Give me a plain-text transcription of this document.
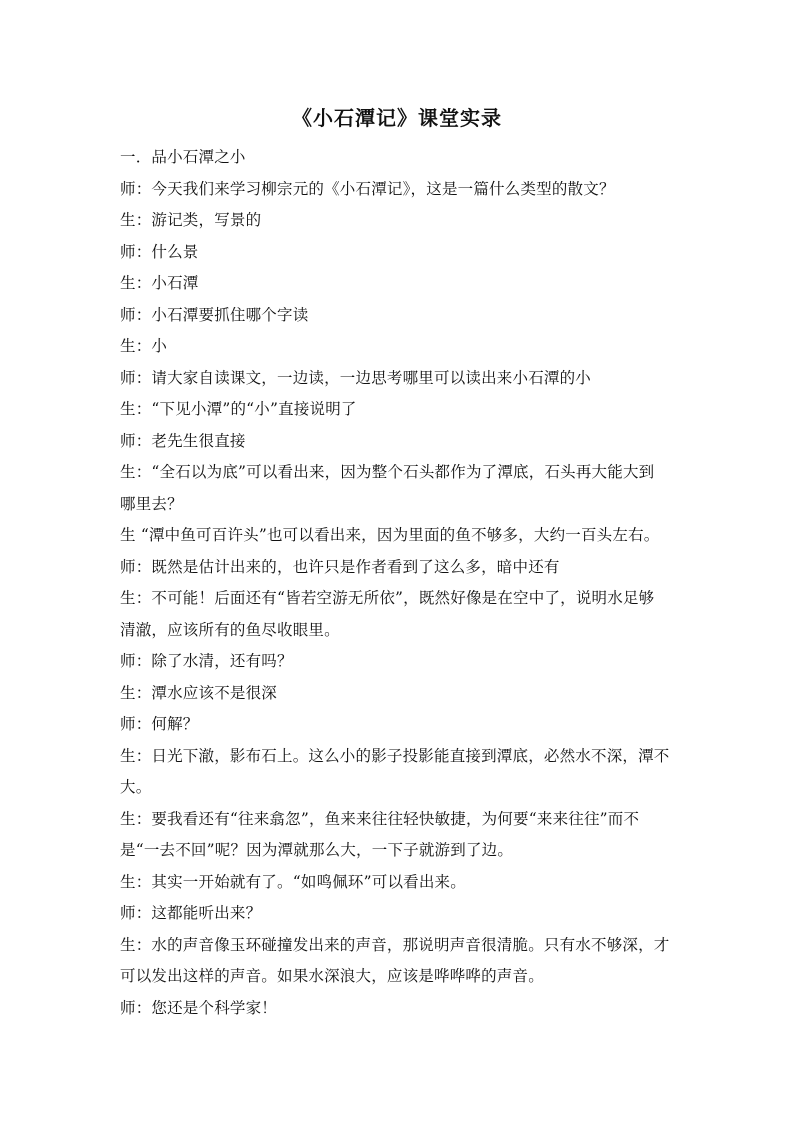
《小石潭记》课堂实录
一．品小石潭之小
师：今天我们来学习柳宗元的《小石潭记》，这是一篇什么类型的散文？
生：游记类，写景的
师：什么景
生：小石潭
师：小石潭要抓住哪个字读
生：小
师：请大家自读课文，一边读，一边思考哪里可以读出来小石潭的小
生：“下见小潭”的“小”直接说明了
师：老先生很直接
生：“全石以为底”可以看出来，因为整个石头都作为了潭底，石头再大能大到
哪里去？
生 “潭中鱼可百许头”也可以看出来，因为里面的鱼不够多，大约一百头左右。
师：既然是估计出来的，也许只是作者看到了这么多，暗中还有
生：不可能！后面还有“皆若空游无所依”，既然好像是在空中了，说明水足够
清澈，应该所有的鱼尽收眼里。
师：除了水清，还有吗？
生：潭水应该不是很深
师：何解？
生：日光下澈，影布石上。这么小的影子投影能直接到潭底，必然水不深，潭不
大。
生：要我看还有“往来翕忽”，鱼来来往往轻快敏捷，为何要“来来往往”而不
是“一去不回”呢？因为潭就那么大，一下子就游到了边。
生：其实一开始就有了。“如鸣佩环”可以看出来。
师：这都能听出来？
生：水的声音像玉环碰撞发出来的声音，那说明声音很清脆。只有水不够深，才
可以发出这样的声音。如果水深浪大，应该是哗哗哗的声音。
师：您还是个科学家！
